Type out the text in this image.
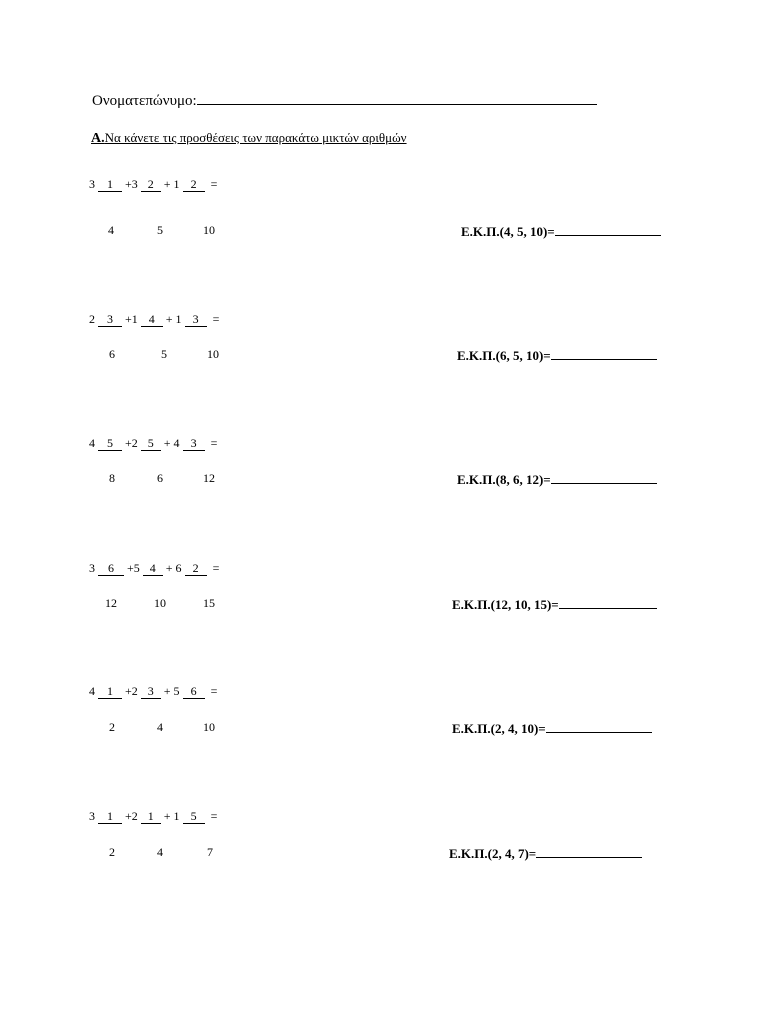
Ονοματεπώνυμο:
Α.Να κάνετε τις προσθέσεις των παρακάτω μικτών αριθμών
3 1 +3 2 + 1 2 =
4	5	10	Ε.Κ.Π.(4, 5, 10)=
2 3 +1 4 + 1 3 =
6	5	10	Ε.Κ.Π.(6, 5, 10)=
4 5 +2 5 + 4 3 =
8	6	12	Ε.Κ.Π.(8, 6, 12)=
3 6 +5 4 + 6 2 =
12	10	15	Ε.Κ.Π.(12, 10, 15)=
4 1 +2 3 + 5 6 =
2	4	10	Ε.Κ.Π.(2, 4, 10)=
3 1 +2 1 + 1 5 =
2	4	7	Ε.Κ.Π.(2, 4, 7)=
